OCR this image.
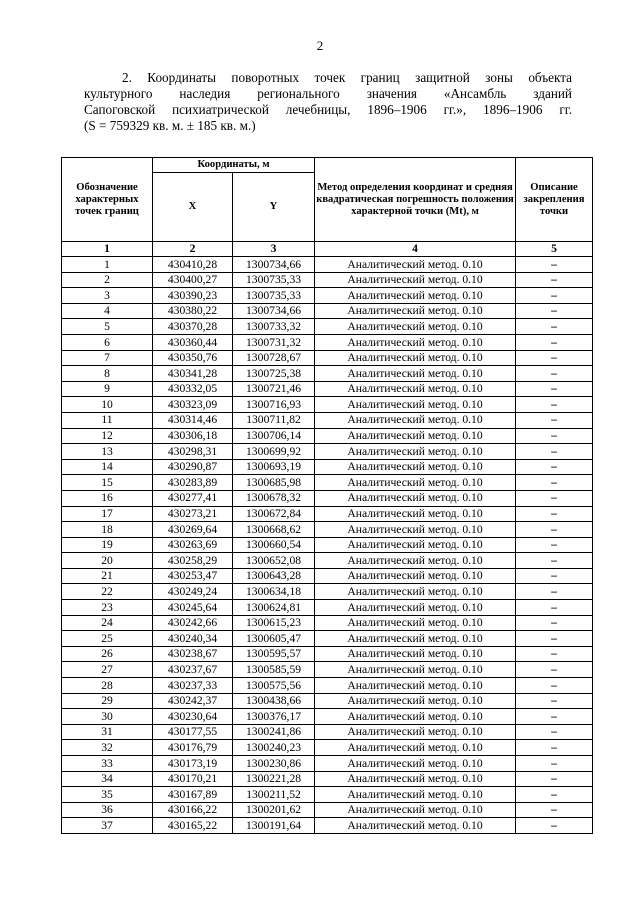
2
2. Координаты поворотных точек границ защитной зоны объекта
культурного наследия регионального значения «Ансамбль зданий
Сапоговской психиатрической лечебницы, 1896–1906 гг.», 1896–1906 гг.
(S = 759329 кв. м. ± 185 кв. м.)
Обозначение характерных точек границ	Координаты, м		Метод определения координат и средняя квадратическая погрешность положения характерной точки (Mt), м	Описание закрепления точки
	X	Y		
1	2	3	4	5
1	430410,28	1300734,66	Аналитический метод. 0.10	–
2	430400,27	1300735,33	Аналитический метод. 0.10	–
3	430390,23	1300735,33	Аналитический метод. 0.10	–
4	430380,22	1300734,66	Аналитический метод. 0.10	–
5	430370,28	1300733,32	Аналитический метод. 0.10	–
6	430360,44	1300731,32	Аналитический метод. 0.10	–
7	430350,76	1300728,67	Аналитический метод. 0.10	–
8	430341,28	1300725,38	Аналитический метод. 0.10	–
9	430332,05	1300721,46	Аналитический метод. 0.10	–
10	430323,09	1300716,93	Аналитический метод. 0.10	–
11	430314,46	1300711,82	Аналитический метод. 0.10	–
12	430306,18	1300706,14	Аналитический метод. 0.10	–
13	430298,31	1300699,92	Аналитический метод. 0.10	–
14	430290,87	1300693,19	Аналитический метод. 0.10	–
15	430283,89	1300685,98	Аналитический метод. 0.10	–
16	430277,41	1300678,32	Аналитический метод. 0.10	–
17	430273,21	1300672,84	Аналитический метод. 0.10	–
18	430269,64	1300668,62	Аналитический метод. 0.10	–
19	430263,69	1300660,54	Аналитический метод. 0.10	–
20	430258,29	1300652,08	Аналитический метод. 0.10	–
21	430253,47	1300643,28	Аналитический метод. 0.10	–
22	430249,24	1300634,18	Аналитический метод. 0.10	–
23	430245,64	1300624,81	Аналитический метод. 0.10	–
24	430242,66	1300615,23	Аналитический метод. 0.10	–
25	430240,34	1300605,47	Аналитический метод. 0.10	–
26	430238,67	1300595,57	Аналитический метод. 0.10	–
27	430237,67	1300585,59	Аналитический метод. 0.10	–
28	430237,33	1300575,56	Аналитический метод. 0.10	–
29	430242,37	1300438,66	Аналитический метод. 0.10	–
30	430230,64	1300376,17	Аналитический метод. 0.10	–
31	430177,55	1300241,86	Аналитический метод. 0.10	–
32	430176,79	1300240,23	Аналитический метод. 0.10	–
33	430173,19	1300230,86	Аналитический метод. 0.10	–
34	430170,21	1300221,28	Аналитический метод. 0.10	–
35	430167,89	1300211,52	Аналитический метод. 0.10	–
36	430166,22	1300201,62	Аналитический метод. 0.10	–
37	430165,22	1300191,64	Аналитический метод. 0.10	–
